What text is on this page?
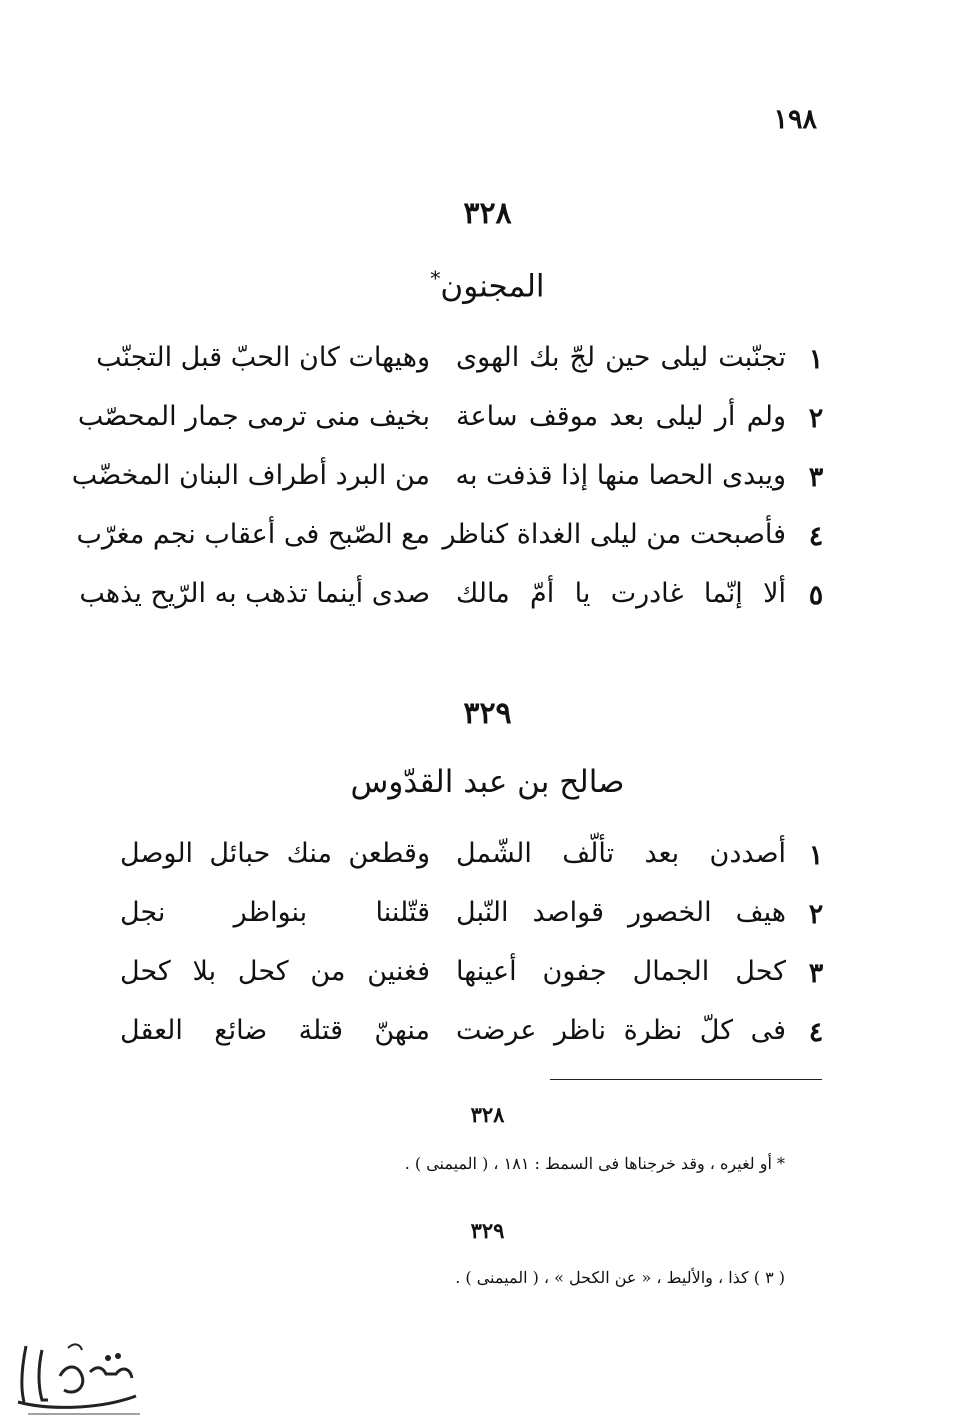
١٩٨
٣٢٨
المجنون*
١
تجنّبت ليلى حين لجّ بك الهوى
وهيهات كان الحبّ قبل التجنّب
٢
ولم أر ليلى بعد موقف ساعة
بخيف منى ترمى جمار المحصّب
٣
ويبدى الحصا منها إذا قذفت به
من البرد أطراف البنان المخضّب
٤
فأصبحت من ليلى الغداة كناظر
مع الصّبح فى أعقاب نجم مغرّب
٥
ألا إنّما غادرت يا أمّ مالك
صدى أينما تذهب به الرّيح يذهب
٣٢٩
صالح بن عبد القدّوس
١
أصددن بعد تألّف الشّمل
وقطعن منك حبائل الوصل
٢
هيف الخصور قواصد النّبل
قتّلننا بنواظر نجل
٣
كحل الجمال جفون أعينها
فغنين من كحل بلا كحل
٤
فى كلّ نظرة ناظر عرضت
منهنّ قتلة ضائع العقل
٣٢٨
* أو لغيره ، وقد خرجناها فى السمط : ١٨١ ، ( الميمنى ) .
٣٢٩
( ٣ ) كذا ، والأليط ، « عن الكحل » ، ( الميمنى ) .
